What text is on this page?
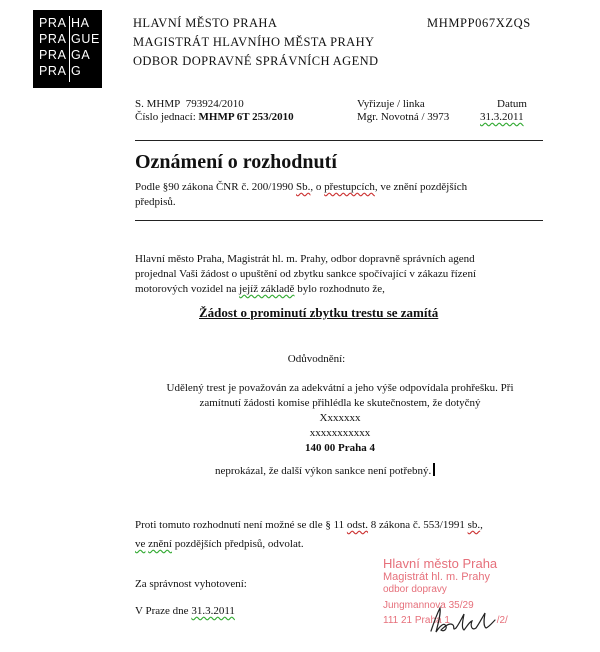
PRA HA
PRA GUE
PRA GA
PRA G
HLAVNÍ MĚSTO PRAHA
MAGISTRÁT HLAVNÍHO MĚSTA PRAHY
ODBOR DOPRAVNÉ SPRÁVNÍCH AGEND
MHMPP067XZQS
S. MHMP 793924/2010
Číslo jednací: MHMP 6T 253/2010
Vyřizuje / linka
Mgr. Novotná / 3973
Datum
31.3.2011
Oznámení o rozhodnutí
Podle §90 zákona ČNR č. 200/1990 Sb., o přestupcích, ve znění pozdějších
předpisů.
Hlavní město Praha, Magistrát hl. m. Prahy, odbor dopravně správních agend
projednal Vaši žádost o upuštění od zbytku sankce spočívající v zákazu řízení
motorových vozidel na jejíž základě bylo rozhodnuto že,
Žádost o prominutí zbytku trestu se zamítá
Odůvodnění:
Udělený trest je považován za adekvátní a jeho výše odpovídala prohřešku. Při
zamítnutí žádosti komise přihlédla ke skutečnostem, že dotyčný
Xxxxxxx
xxxxxxxxxxx
140 00 Praha 4
neprokázal, že další výkon sankce není potřebný.
Proti tomuto rozhodnutí není možné se dle § 11 odst. 8 zákona č. 553/1991 sb.,
ve znění pozdějších předpisů, odvolat.
Za správnost vyhotovení:
V Praze dne 31.3.2011
Hlavní město Praha
Magistrát hl. m. Prahy
odbor dopravy
Jungmannova 35/29
111 21 Praha 1	/2/
